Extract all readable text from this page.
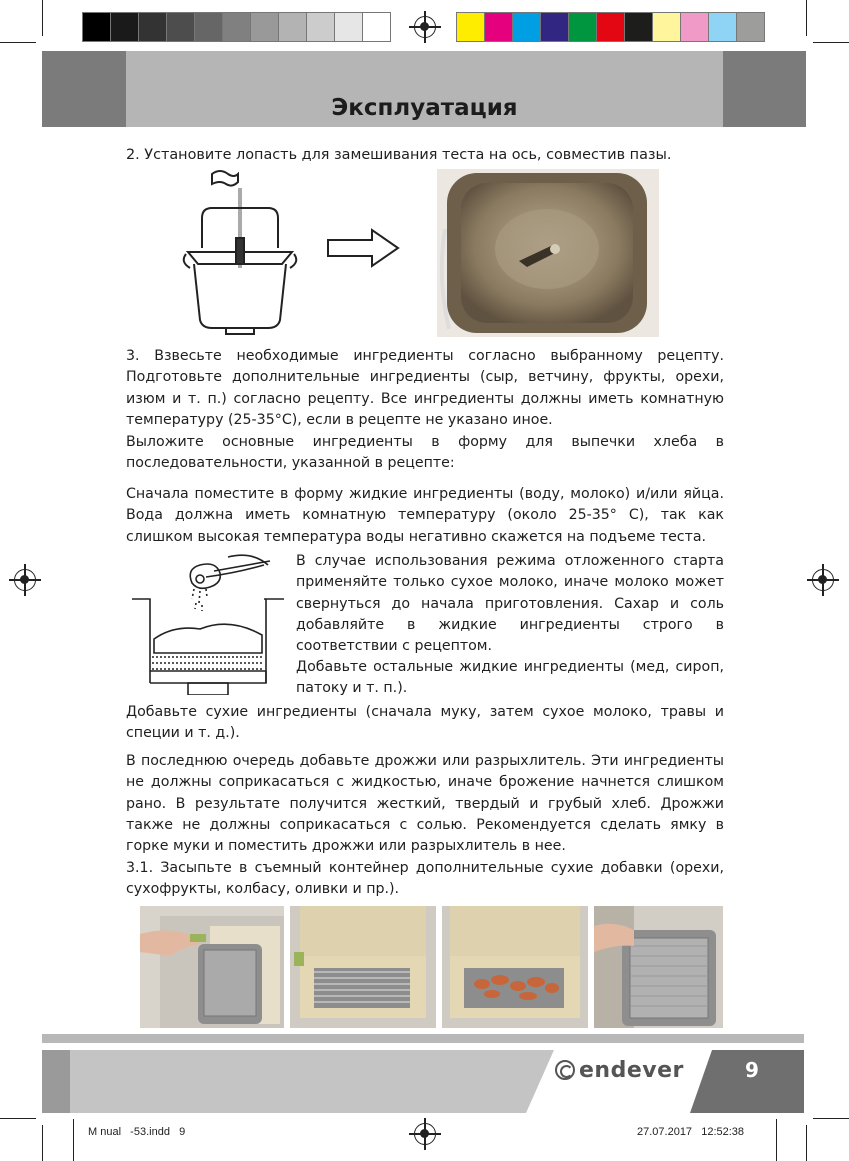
Эксплуатация
2. Установите лопасть для замешивания теста на ось, совместив пазы.
3. Взвесьте необходимые ингредиенты согласно выбранному рецепту. Подготовьте дополнительные ингредиенты (сыр, ветчину, фрукты, орехи, изюм и т. п.) согласно рецепту. Все ингредиенты должны иметь комнатную температуру (25-35°C), если в рецепте не указано иное.
Выложите основные ингредиенты в форму для выпечки хлеба в последовательности, указанной в рецепте:
Сначала поместите в форму жидкие ингредиенты (воду, молоко) и/или яйца. Вода должна иметь комнатную температуру (около 25-35° C), так как слишком высокая температура воды негативно скажется на подъеме теста.
В случае использования режима отложенного старта применяйте только сухое молоко, иначе молоко может свернуться до начала приготовления. Сахар и соль добавляйте в жидкие ингредиенты строго в соответствии с рецептом.
Добавьте остальные жидкие ингредиенты (мед, сироп, патоку и т. п.).
Добавьте сухие ингредиенты (сначала муку, затем сухое молоко, травы и специи и т. д.).
В последнюю очередь добавьте дрожжи или разрыхлитель. Эти ингредиенты не должны соприкасаться с жидкостью, иначе брожение начнется слишком рано. В результате получится жесткий, твердый и грубый хлеб. Дрожжи также не должны соприкасаться с солью. Рекомендуется сделать ямку в горке муки и поместить дрожжи или разрыхлитель в нее.
3.1. Засыпьте в съемный контейнер дополнительные сухие добавки (орехи, сухофрукты, колбасу, оливки и пр.).
endever	9
M nual   -53.indd   9	27.07.2017   12:52:38
